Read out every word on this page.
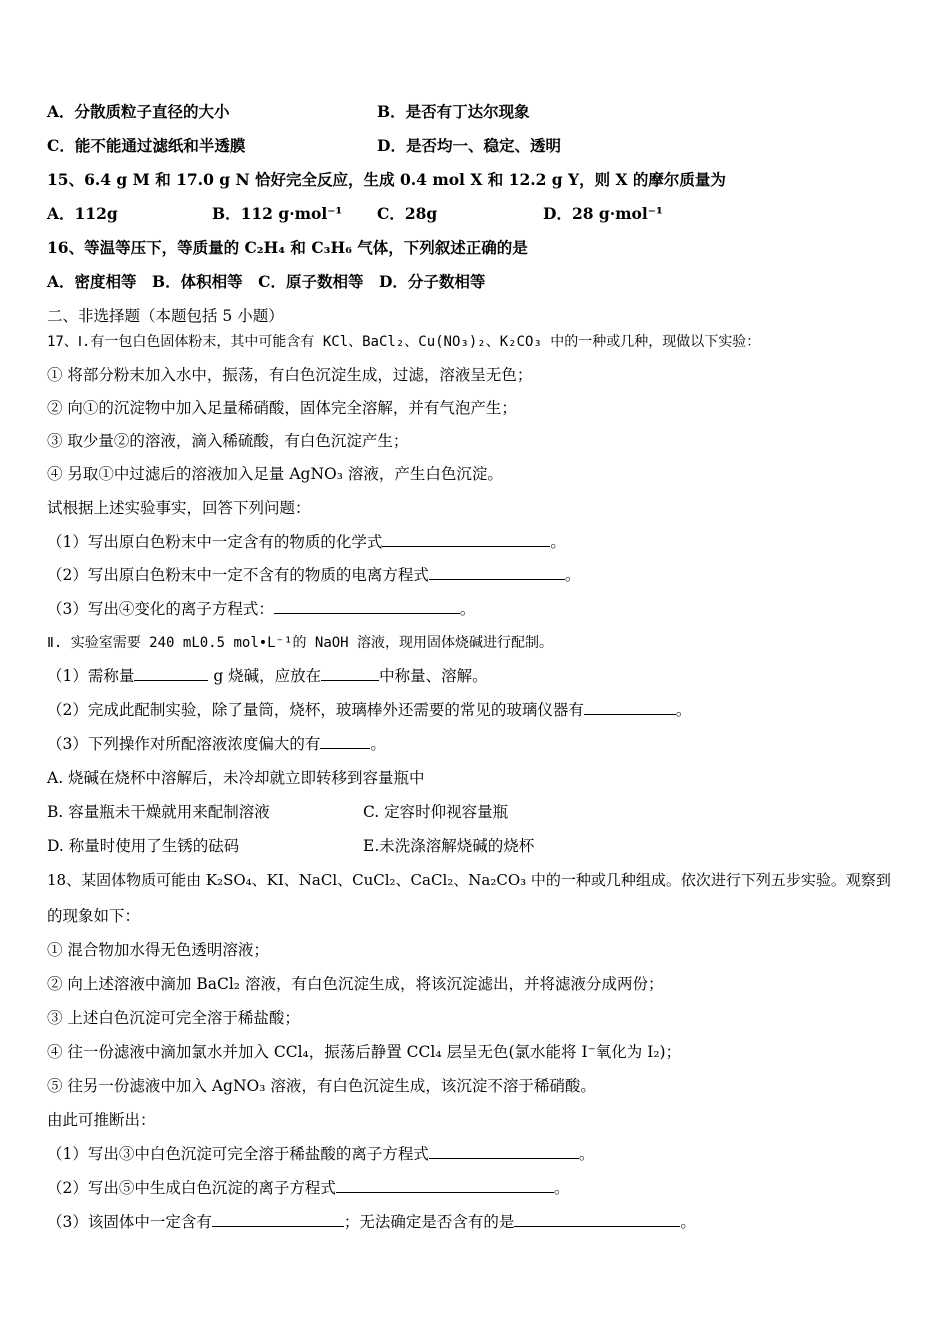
A．分散质粒子直径的大小	B．是否有丁达尔现象
C．能不能通过滤纸和半透膜	D．是否均一、稳定、透明
15、6.4 g M 和 17.0 g N 恰好完全反应，生成 0.4 mol X 和 12.2 g Y，则 X 的摩尔质量为
A．112g	B．112 g·mol⁻¹ C．28g	D．28 g·mol⁻¹
16、等温等压下，等质量的 C₂H₄ 和 C₃H₆ 气体，下列叙述正确的是
A．密度相等　B．体积相等　C．原子数相等　D．分子数相等
二、非选择题（本题包括 5 小题）
17、Ⅰ.有一包白色固体粉末，其中可能含有 KCl、BaCl₂、Cu(NO₃)₂、K₂CO₃ 中的一种或几种，现做以下实验：
① 将部分粉末加入水中，振荡，有白色沉淀生成，过滤，溶液呈无色；
② 向①的沉淀物中加入足量稀硝酸，固体完全溶解，并有气泡产生；
③ 取少量②的溶液，滴入稀硫酸，有白色沉淀产生；
④ 另取①中过滤后的溶液加入足量 AgNO₃ 溶液，产生白色沉淀。
试根据上述实验事实，回答下列问题：
（1）写出原白色粉末中一定含有的物质的化学式	。
（2）写出原白色粉末中一定不含有的物质的电离方程式	。
（3）写出④变化的离子方程式：	。
Ⅱ. 实验室需要 240 mL0.5 mol•L⁻¹的 NaOH 溶液，现用固体烧碱进行配制。
（1）需称量	g 烧碱，应放在	中称量、溶解。
（2）完成此配制实验，除了量筒，烧杯，玻璃棒外还需要的常见的玻璃仪器有	。
（3）下列操作对所配溶液浓度偏大的有	。
A. 烧碱在烧杯中溶解后，未冷却就立即转移到容量瓶中
B. 容量瓶未干燥就用来配制溶液	C. 定容时仰视容量瓶
D. 称量时使用了生锈的砝码	E.未洗涤溶解烧碱的烧杯
18、某固体物质可能由 K₂SO₄、KI、NaCl、CuCl₂、CaCl₂、Na₂CO₃ 中的一种或几种组成。依次进行下列五步实验。观察到
的现象如下：
① 混合物加水得无色透明溶液；
② 向上述溶液中滴加 BaCl₂ 溶液，有白色沉淀生成，将该沉淀滤出，并将滤液分成两份；
③ 上述白色沉淀可完全溶于稀盐酸；
④ 往一份滤液中滴加氯水并加入 CCl₄，振荡后静置 CCl₄ 层呈无色(氯水能将 I⁻氧化为 I₂)；
⑤ 往另一份滤液中加入 AgNO₃ 溶液，有白色沉淀生成，该沉淀不溶于稀硝酸。
由此可推断出：
（1）写出③中白色沉淀可完全溶于稀盐酸的离子方程式	。
（2）写出⑤中生成白色沉淀的离子方程式	。
（3）该固体中一定含有	；无法确定是否含有的是	。
